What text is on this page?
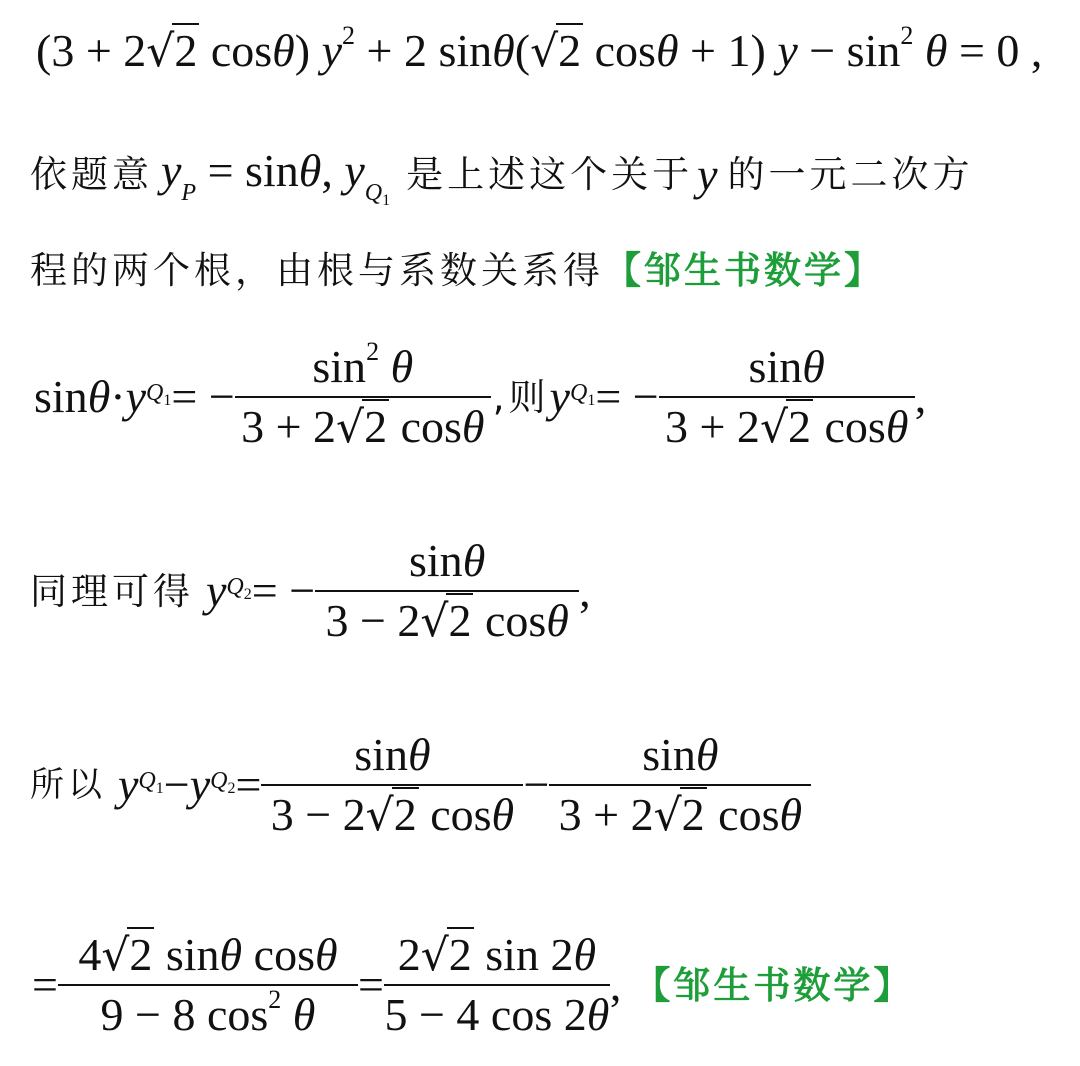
(3 + 2√2 cosθ) $y^2 + 2$ sinθ(√2 cosθ + 1) $y - \sin^2 \theta = 0$ ,
依题意 $y_P = \sin\theta$, $y_{Q_1}$
是上述这个关于 y 的一元二次方
程的两个根，由根与系数关系得 【邹生书数学】
sin θ · y $Q_1$ = − $\frac{\sin^2 \theta}{3 + 2√2 \cos\theta}$ ,则 y $Q_1$ = − $\frac{\sin\theta}{3 + 2√2 \cos\theta}$ ,
同理可得 y $Q_2$ = − $\frac{\sin\theta}{3 - 2√2 \cos\theta}$ ,
所以 y $Q_1 - y$ $Q_2 = \frac{\sin\theta}{3 - 2√2 \cos\theta} - \frac{\sin\theta}{3 + 2√2 \cos\theta}$
= $\frac{\text{4√2 sinθ cosθ}}{9 - 8 \cos^2 \theta} = \frac{2√2 \sin 2\theta}{5 - 4 \cos 2\theta}$ , 【邹生书数学】
